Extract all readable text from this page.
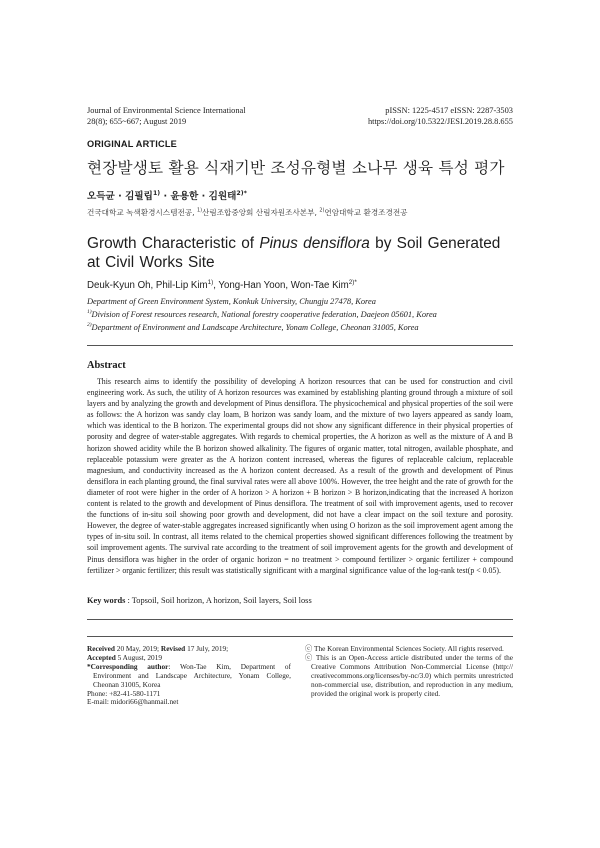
Journal of Environmental Science International
28(8); 655~667; August 2019
pISSN: 1225-4517 eISSN: 2287-3503
https://doi.org/10.5322/JESI.2019.28.8.655
ORIGINAL ARTICLE
현장발생토 활용 식재기반 조성유형별 소나무 생육 특성 평가
오득균 · 김필립$^{1)}$ · 윤용한 · 김원태$^{2)*}$
건국대학교 녹색환경시스템전공, $^{1)}$산림조합중앙회 산림자원조사본부, $^{2)}$연암대학교 환경조경전공
Growth Characteristic of Pinus densiflora by Soil Generated at Civil Works Site
Deuk-Kyun Oh, Phil-Lip Kim$^{1)}$, Yong-Han Yoon, Won-Tae Kim$^{2)*}$
Department of Green Environment System, Konkuk University, Chungju 27478, Korea
$^{1)}$Division of Forest resources research, National forestry cooperative federation, Daejeon 05601, Korea
$^{2)}$Department of Environment and Landscape Architecture, Yonam College, Cheonan 31005, Korea
Abstract
This research aims to identify the possibility of developing A horizon resources that can be used for construction and civil engineering work. As such, the utility of A horizon resources was examined by establishing planting ground through a mixture of soil layers and by analyzing the growth and development of Pinus densiflora. The physicochemical and physical properties of the soil were as follows: the A horizon was sandy clay loam, B horizon was sandy loam, and the mixture of two layers appeared as sandy loam, which was identical to the B horizon. The experimental groups did not show any significant difference in their physical properties of porosity and degree of water-stable aggregates. With regards to chemical properties, the A horizon as well as the mixture of A and B horizon showed acidity while the B horizon showed alkalinity. The figures of organic matter, total nitrogen, available phosphate, and replaceable potassium were greater as the A horizon content increased, whereas the figures of replaceable calcium, replaceable magnesium, and conductivity increased as the A horizon content decreased. As a result of the growth and development of Pinus densiflora in each planting ground, the final survival rates were all above 100%. However, the tree height and the rate of growth for the diameter of root were higher in the order of A horizon > A horizon + B horizon > B horizon,indicating that the increased A horizon content is related to the growth and development of Pinus densiflora. The treatment of soil with improvement agents, used to recover the functions of in-situ soil showing poor growth and development, did not have a clear impact on the soil texture and porosity. However, the degree of water-stable aggregates increased significantly when using O horizon as the soil improvement agent among the types of in-situ soil. In contrast, all items related to the chemical properties showed significant differences following the treatment by soil improvement agents. The survival rate according to the treatment of soil improvement agents for the growth and development of Pinus densiflora was higher in the order of organic horizon = no treatment > compound fertilizer > organic fertilizer + compound fertilizer > organic fertilizer; this result was statistically significant with a marginal significance value of the log-rank test(p < 0.05).
Key words : Topsoil, Soil horizon, A horizon, Soil layers, Soil loss

Received 20 May, 2019; Revised 17 July, 2019;

Accepted 5 August, 2019

*Corresponding author: Won-Tae Kim, Department of Environment and Landscape Architecture, Yonam College, Cheonan 31005, Korea

Phone: +82-41-580-1171

E-mail: midori66@hanmail.net

ⓒ The Korean Environmental Sciences Society. All rights reserved.

ⓒ This is an Open-Access article distributed under the terms of the Creative Commons Attribution Non-Commercial License (http:// creativecommons.org/licenses/by-nc/3.0) which permits unrestricted non-commercial use, distribution, and reproduction in any medium, provided the original work is properly cited.
